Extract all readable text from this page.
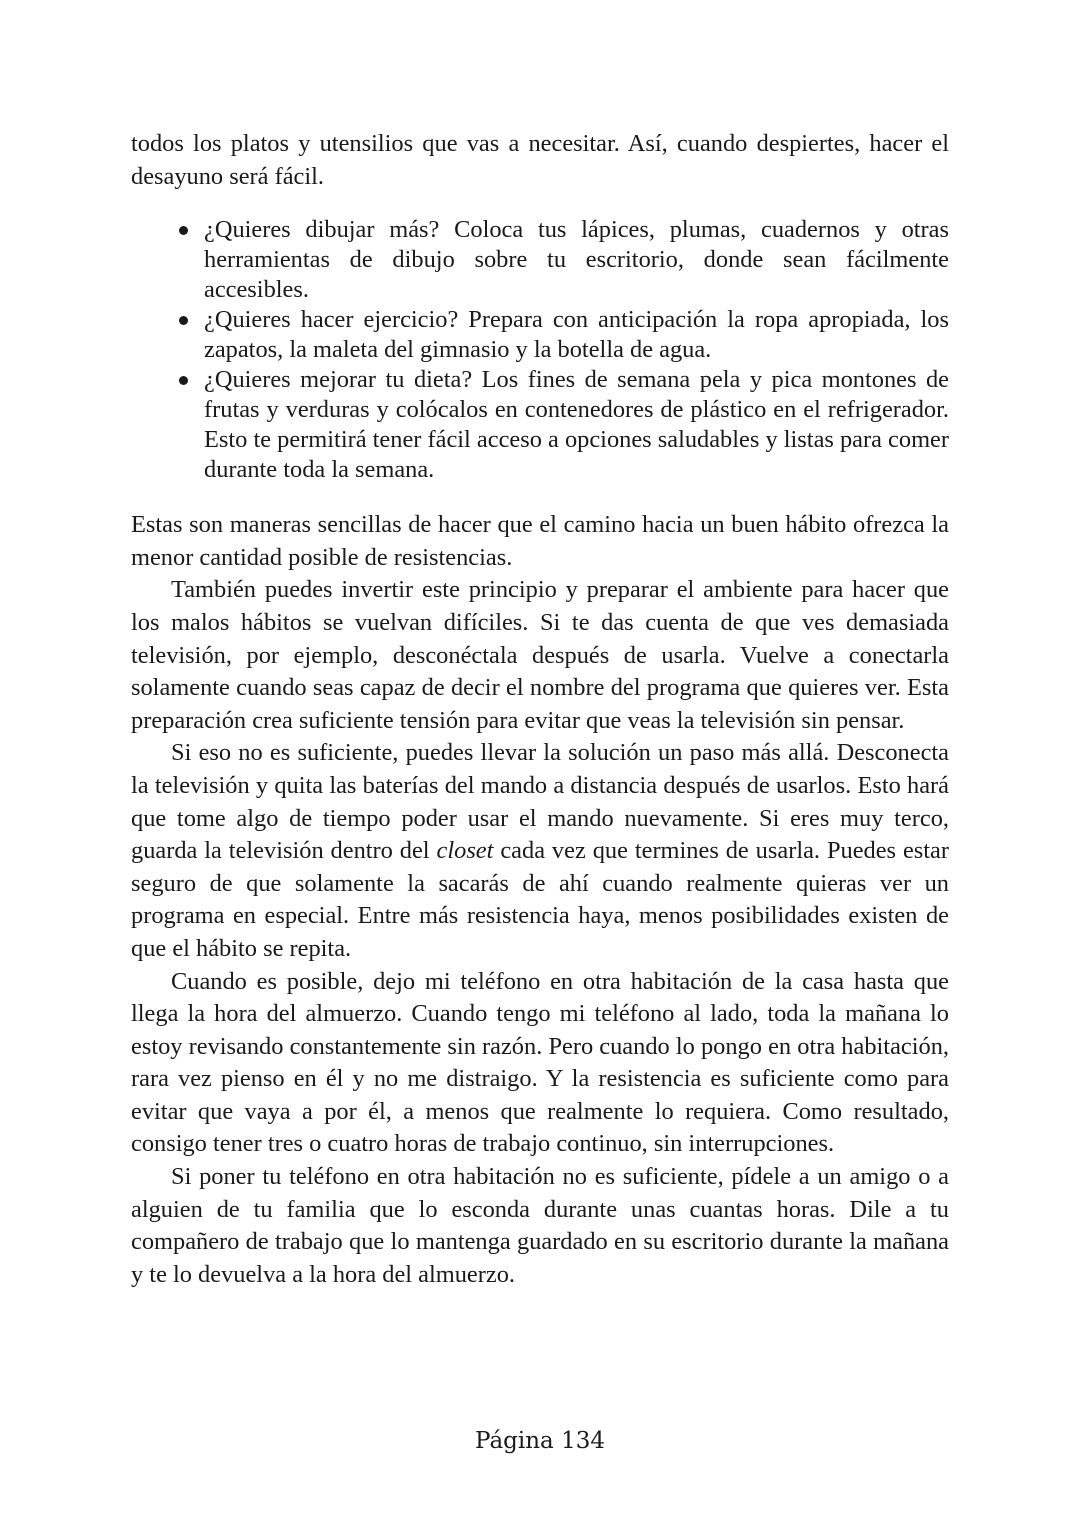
todos los platos y utensilios que vas a necesitar. Así, cuando despiertes, hacer el desayuno será fácil.

¿Quieres dibujar más? Coloca tus lápices, plumas, cuadernos y otras herramientas de dibujo sobre tu escritorio, donde sean fácilmente accesibles.
¿Quieres hacer ejercicio? Prepara con anticipación la ropa apropiada, los zapatos, la maleta del gimnasio y la botella de agua.
¿Quieres mejorar tu dieta? Los fines de semana pela y pica montones de frutas y verduras y colócalos en contenedores de plástico en el refrigerador. Esto te permitirá tener fácil acceso a opciones saludables y listas para comer durante toda la semana.

Estas son maneras sencillas de hacer que el camino hacia un buen hábito ofrezca la menor cantidad posible de resistencias.

También puedes invertir este principio y preparar el ambiente para hacer que los malos hábitos se vuelvan difíciles. Si te das cuenta de que ves demasiada televisión, por ejemplo, desconéctala después de usarla. Vuelve a conectarla solamente cuando seas capaz de decir el nombre del programa que quieres ver. Esta preparación crea suficiente tensión para evitar que veas la televisión sin pensar.

Si eso no es suficiente, puedes llevar la solución un paso más allá. Desconecta la televisión y quita las baterías del mando a distancia después de usarlos. Esto hará que tome algo de tiempo poder usar el mando nuevamente. Si eres muy terco, guarda la televisión dentro del closet cada vez que termines de usarla. Puedes estar seguro de que solamente la sacarás de ahí cuando realmente quieras ver un programa en especial. Entre más resistencia haya, menos posibilidades existen de que el hábito se repita.

Cuando es posible, dejo mi teléfono en otra habitación de la casa hasta que llega la hora del almuerzo. Cuando tengo mi teléfono al lado, toda la mañana lo estoy revisando constantemente sin razón. Pero cuando lo pongo en otra habitación, rara vez pienso en él y no me distraigo. Y la resistencia es suficiente como para evitar que vaya a por él, a menos que realmente lo requiera. Como resultado, consigo tener tres o cuatro horas de trabajo continuo, sin interrupciones.

Si poner tu teléfono en otra habitación no es suficiente, pídele a un amigo o a alguien de tu familia que lo esconda durante unas cuantas horas. Dile a tu compañero de trabajo que lo mantenga guardado en su escritorio durante la mañana y te lo devuelva a la hora del almuerzo.

Página 134
